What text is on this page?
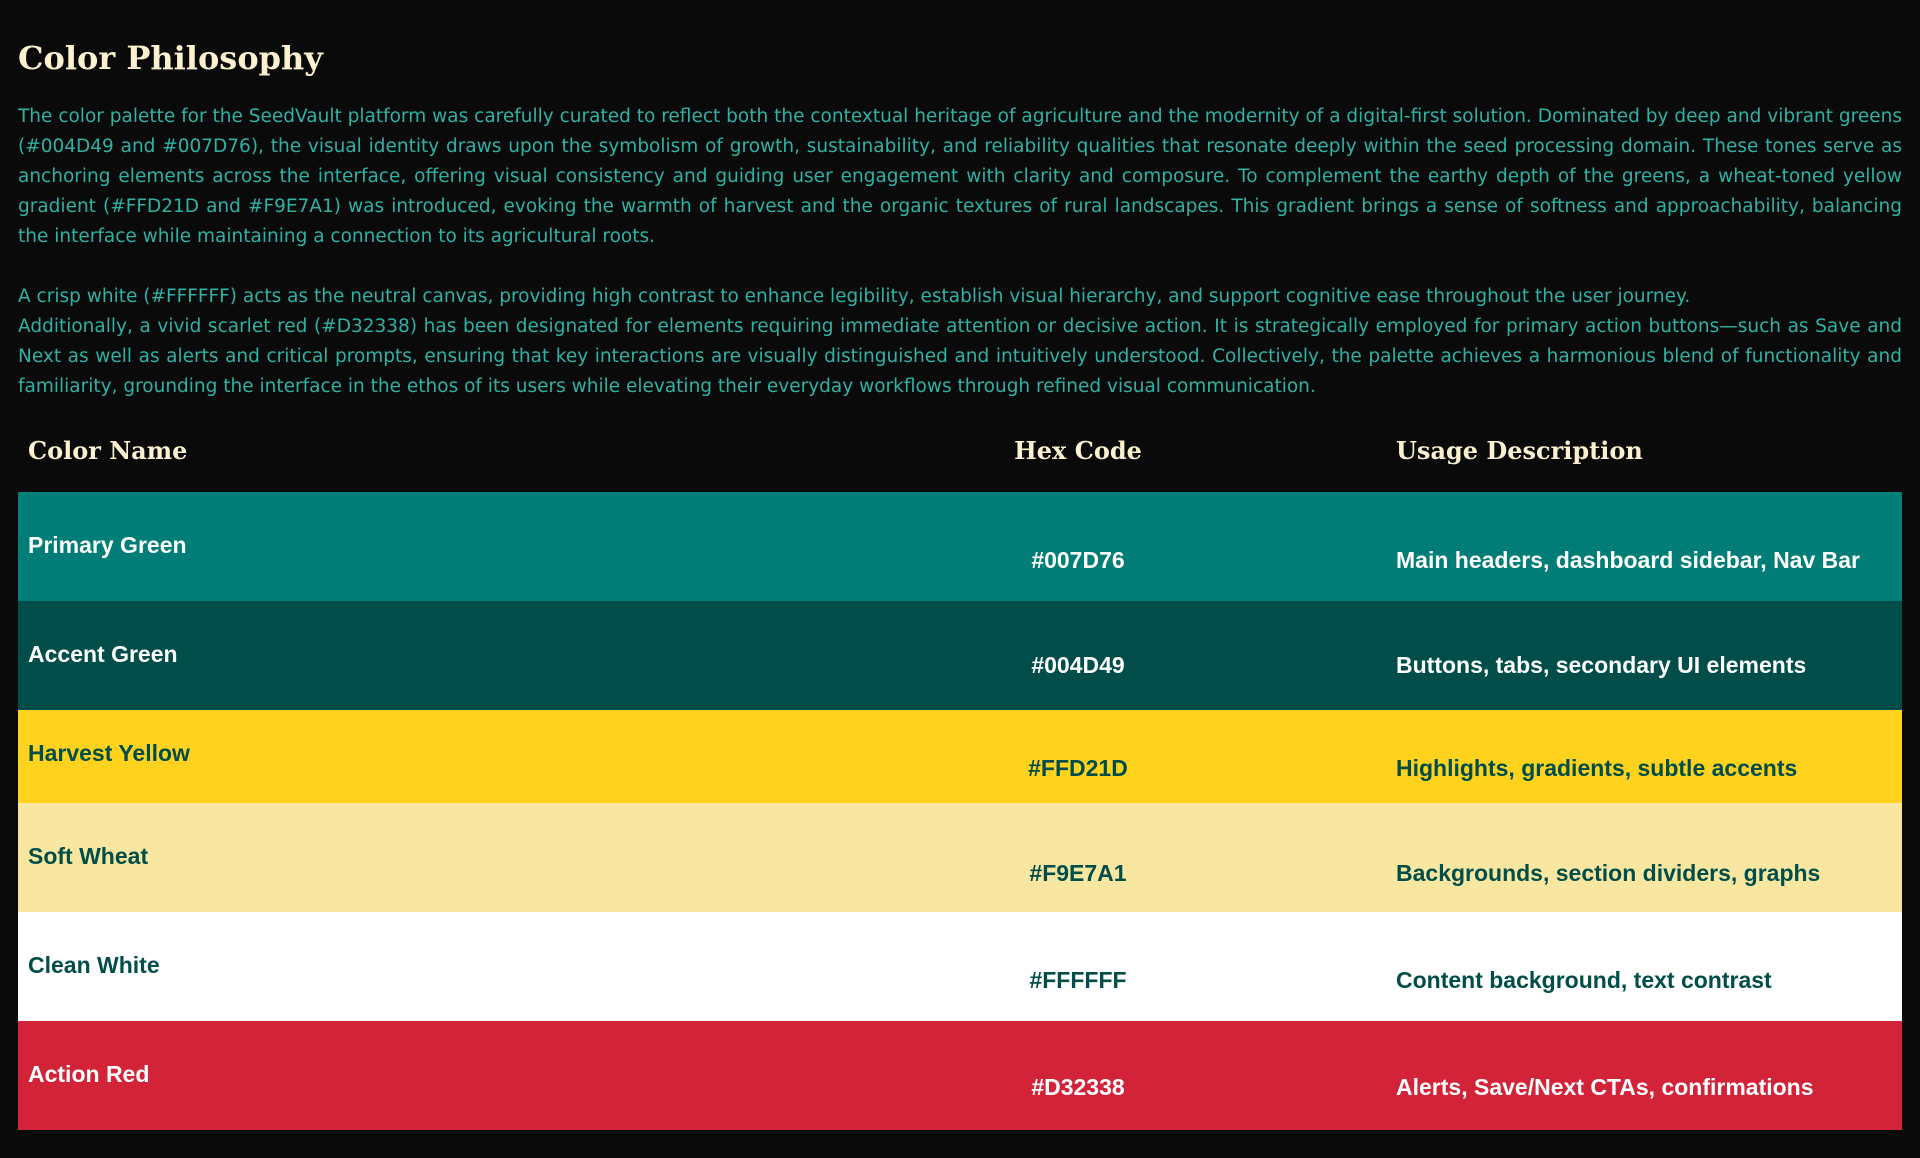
Color Philosophy

The color palette for the SeedVault platform was carefully curated to reflect both the contextual heritage of agriculture and the modernity of a digital-first solution. Dominated by deep and vibrant greens (#004D49 and #007D76), the visual identity draws upon the symbolism of growth, sustainability, and reliability qualities that resonate deeply within the seed processing domain. These tones serve as anchoring elements across the interface, offering visual consistency and guiding user engagement with clarity and composure. To complement the earthy depth of the greens, a wheat-toned yellow gradient (#FFD21D and #F9E7A1) was introduced, evoking the warmth of harvest and the organic textures of rural landscapes. This gradient brings a sense of softness and approachability, balancing the interface while maintaining a connection to its agricultural roots.

A crisp white (#FFFFFF) acts as the neutral canvas, providing high contrast to enhance legibility, establish visual hierarchy, and support cognitive ease throughout the user journey.

Additionally, a vivid scarlet red (#D32338) has been designated for elements requiring immediate attention or decisive action. It is strategically employed for primary action buttons—such as Save and Next as well as alerts and critical prompts, ensuring that key interactions are visually distinguished and intuitively understood. Collectively, the palette achieves a harmonious blend of functionality and familiarity, grounding the interface in the ethos of its users while elevating their everyday workflows through refined visual communication.

Color Name	Hex Code	Usage Description

Primary Green	#007D76	Main headers, dashboard sidebar, Nav Bar

Accent Green	#004D49	Buttons, tabs, secondary UI elements

Harvest Yellow	#FFD21D	Highlights, gradients, subtle accents

Soft Wheat	#F9E7A1	Backgrounds, section dividers, graphs

Clean White	#FFFFFF	Content background, text contrast

Action Red	#D32338	Alerts, Save/Next CTAs, confirmations
